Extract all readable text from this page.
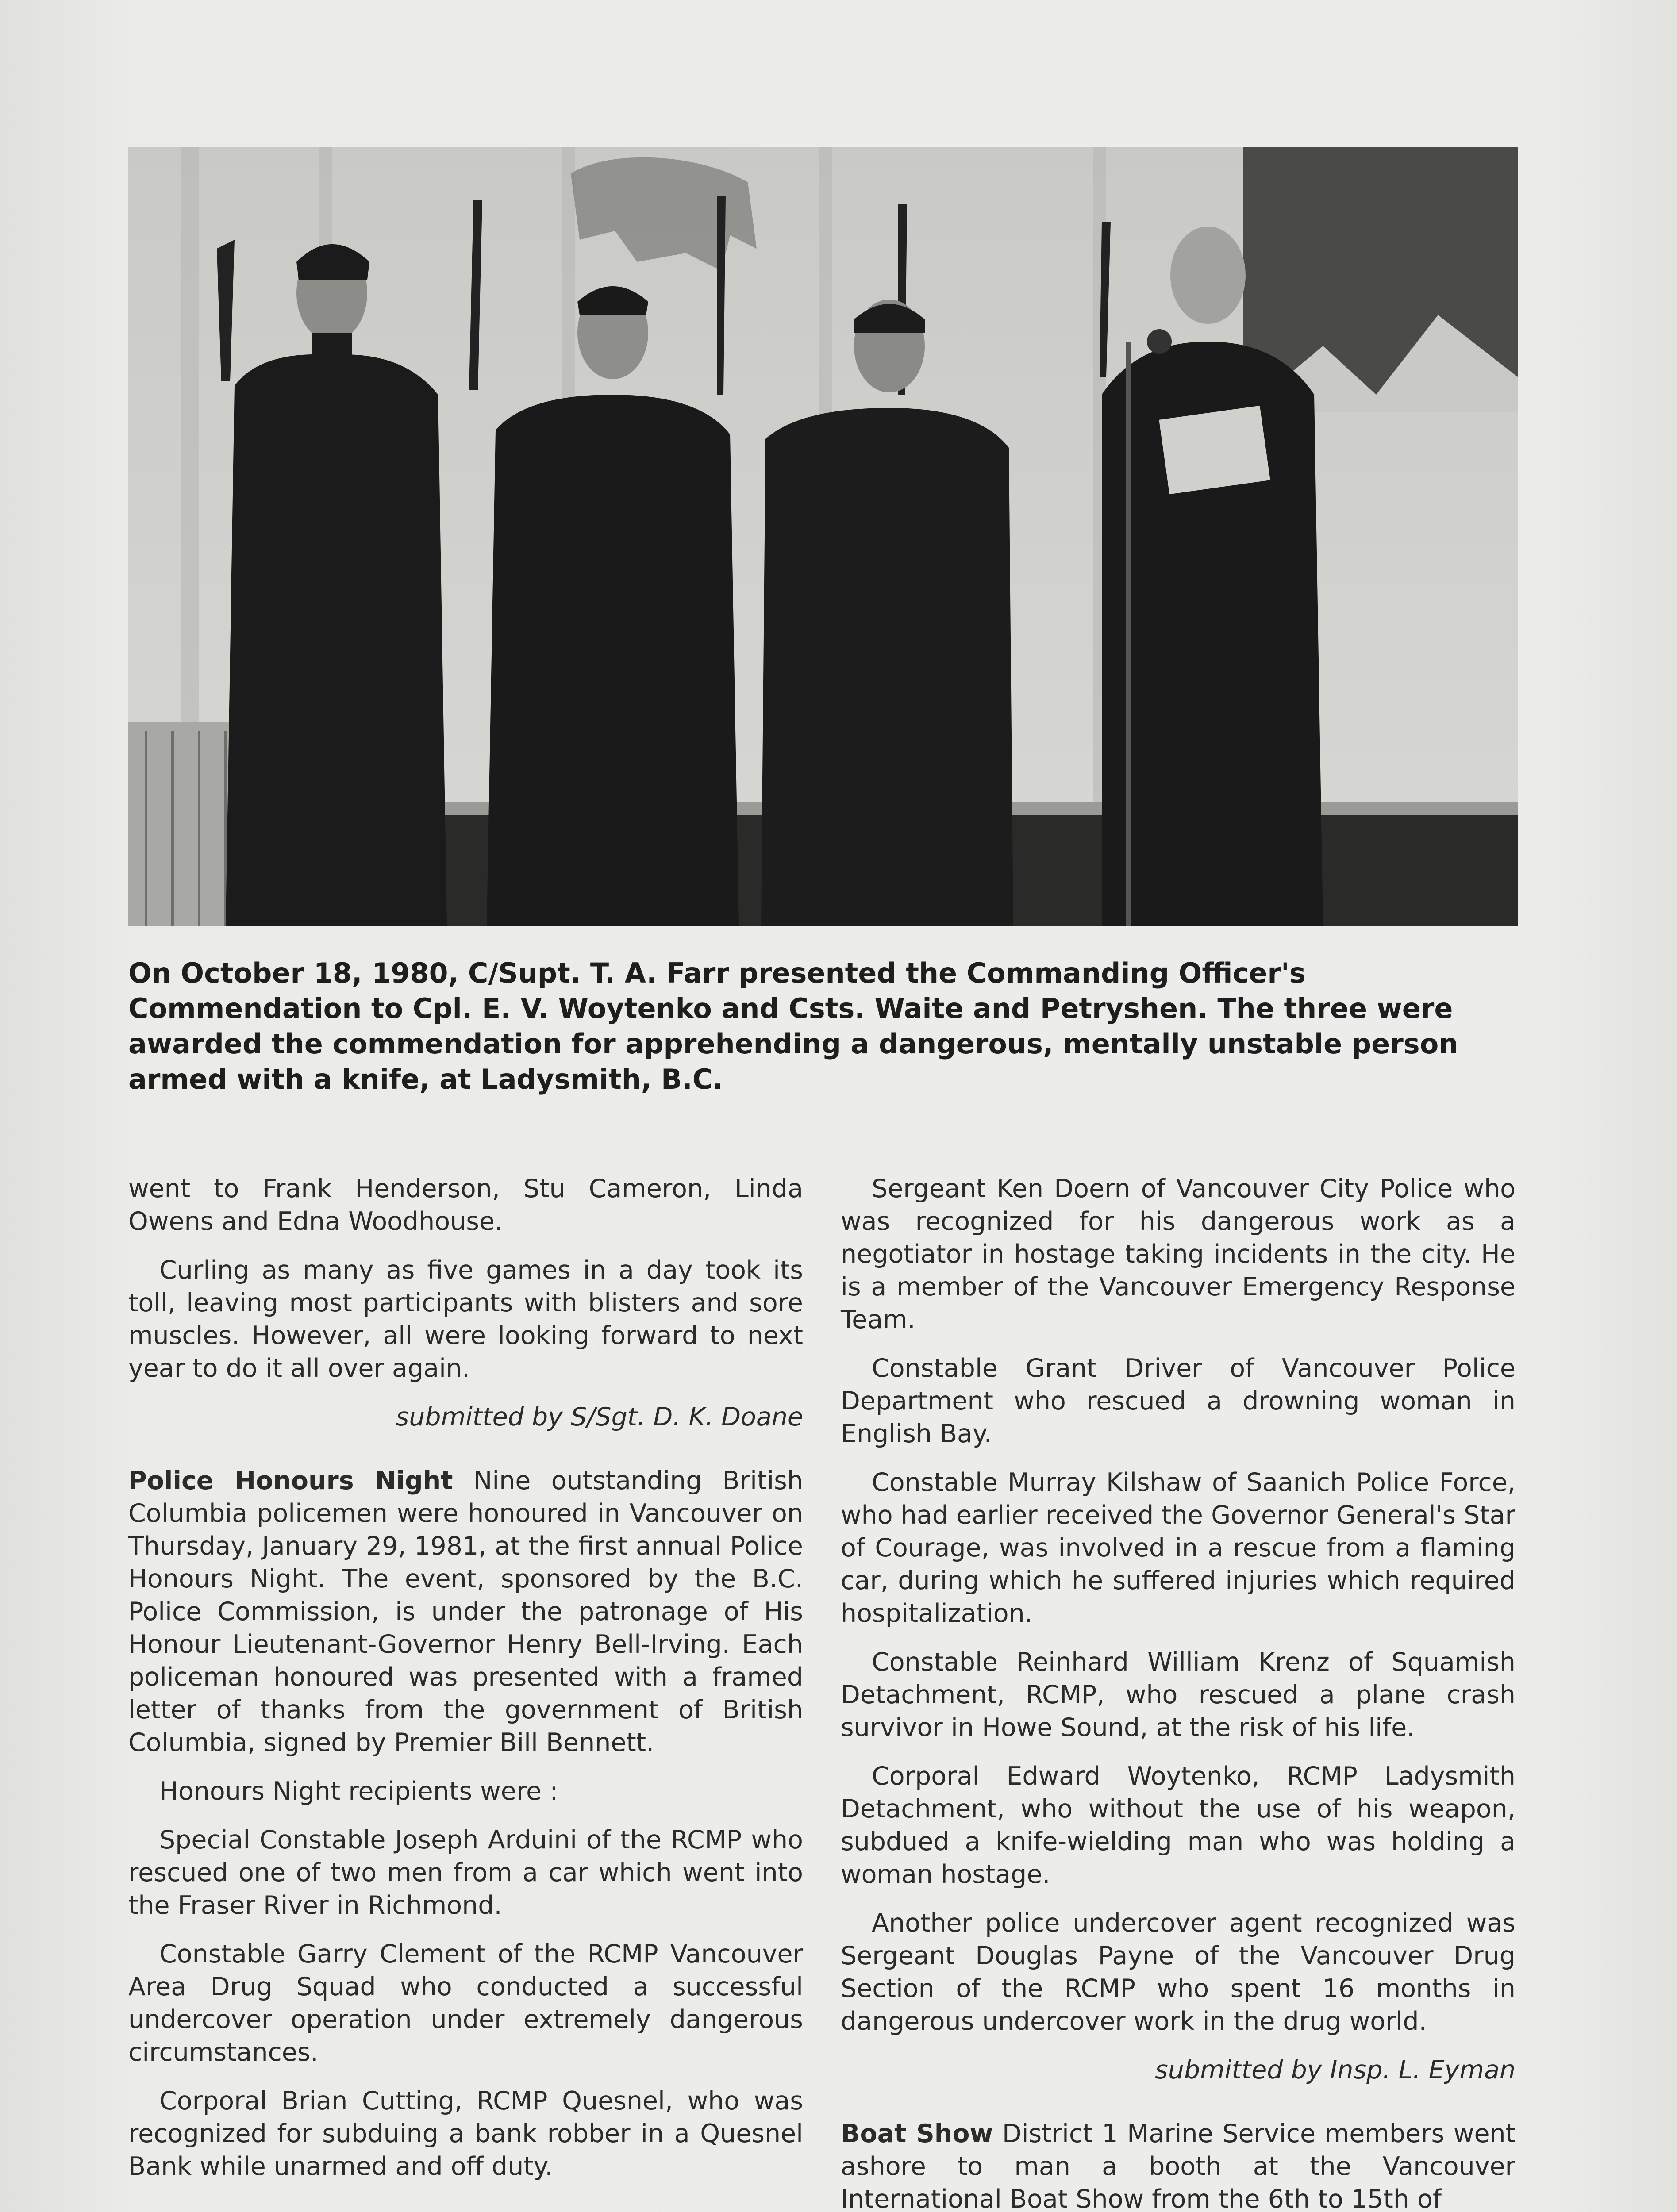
On October 18, 1980, C/Supt. T. A. Farr presented the Commanding Officer's Commendation to Cpl. E. V. Woytenko and Csts. Waite and Petryshen. The three were awarded the commendation for apprehending a dangerous, mentally unstable person armed with a knife, at Ladysmith, B.C.

went to Frank Henderson, Stu Cameron, Linda Owens and Edna Woodhouse.

Curling as many as five games in a day took its toll, leaving most participants with blisters and sore muscles. However, all were looking forward to next year to do it all over again.

submitted by S/Sgt. D. K. Doane

Police Honours Night Nine outstanding British Columbia policemen were honoured in Vancouver on Thursday, January 29, 1981, at the first annual Police Honours Night. The event, sponsored by the B.C. Police Commission, is under the patronage of His Honour Lieutenant-Governor Henry Bell-Irving. Each policeman honoured was presented with a framed letter of thanks from the government of British Columbia, signed by Premier Bill Bennett.

Honours Night recipients were :

Special Constable Joseph Arduini of the RCMP who rescued one of two men from a car which went into the Fraser River in Richmond.

Constable Garry Clement of the RCMP Vancouver Area Drug Squad who conducted a successful undercover operation under extremely dangerous circumstances.

Corporal Brian Cutting, RCMP Quesnel, who was recognized for subduing a bank robber in a Quesnel Bank while unarmed and off duty.

Sergeant Ken Doern of Vancouver City Police who was recognized for his dangerous work as a negotiator in hostage taking incidents in the city. He is a member of the Vancouver Emergency Response Team.

Constable Grant Driver of Vancouver Police Department who rescued a drowning woman in English Bay.

Constable Murray Kilshaw of Saanich Police Force, who had earlier received the Governor General's Star of Courage, was involved in a rescue from a flaming car, during which he suffered injuries which required hospitalization.

Constable Reinhard William Krenz of Squamish Detachment, RCMP, who rescued a plane crash survivor in Howe Sound, at the risk of his life.

Corporal Edward Woytenko, RCMP Ladysmith Detachment, who without the use of his weapon, subdued a knife-wielding man who was holding a woman hostage.

Another police undercover agent recognized was Sergeant Douglas Payne of the Vancouver Drug Section of the RCMP who spent 16 months in dangerous undercover work in the drug world.

submitted by Insp. L. Eyman

Boat Show District 1 Marine Service members went ashore to man a booth at the Vancouver International Boat Show from the 6th to 15th of
